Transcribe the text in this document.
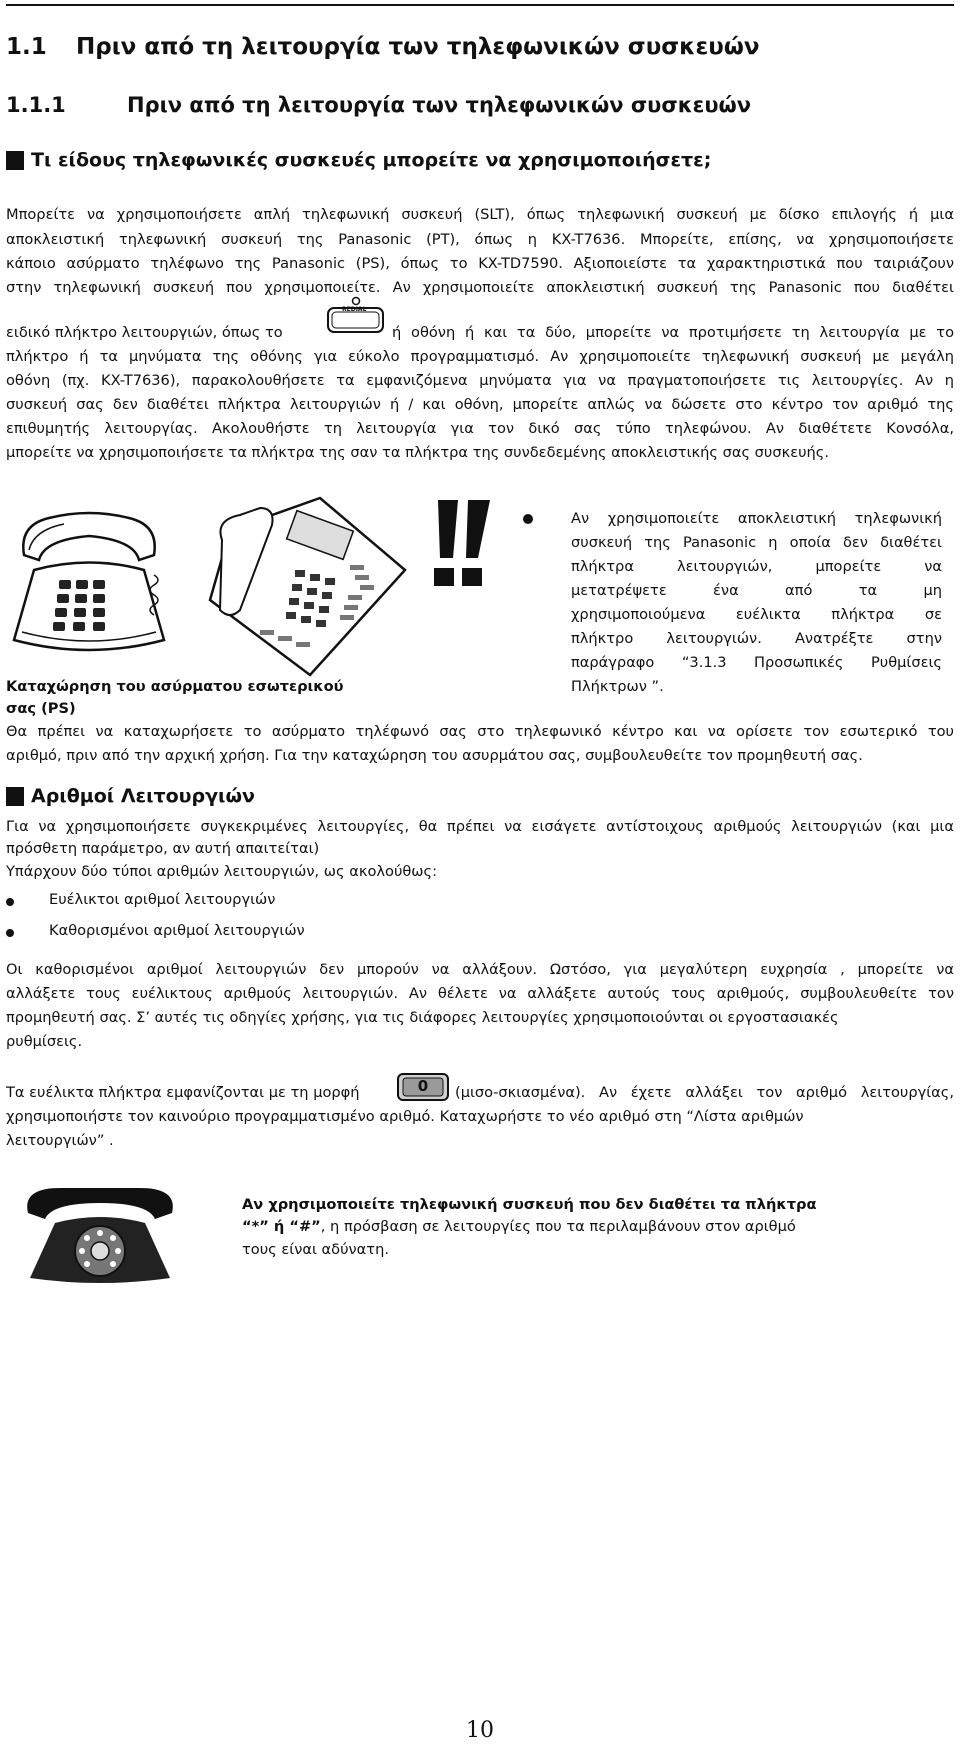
1.1 Πριν από τη λειτουργία των τηλεφωνικών συσκευών
1.1.1	Πριν από τη λειτουργία των τηλεφωνικών συσκευών
Τι είδους τηλεφωνικές συσκευές μπορείτε να χρησιμοποιήσετε;
Μπορείτε να χρησιμοποιήσετε απλή τηλεφωνική συσκευή (SLT), όπως τηλεφωνική συσκευή με δίσκο επιλογής ή μια
αποκλειστική τηλεφωνική συσκευή της Panasonic (PT), όπως η KX-T7636. Μπορείτε, επίσης, να χρησιμοποιήσετε
κάποιο ασύρματο τηλέφωνο της Panasonic (PS), όπως το KX-TD7590. Αξιοποιείστε τα χαρακτηριστικά που ταιριάζουν
στην τηλεφωνική συσκευή που χρησιμοποιείτε. Αν χρησιμοποιείτε αποκλειστική συσκευή της Panasonic που διαθέτει
ειδικό πλήκτρο λειτουργιών, όπως το
REDIAL
ή οθόνη ή και τα δύο, μπορείτε να προτιμήσετε τη λειτουργία με το
πλήκτρο ή τα μηνύματα της οθόνης για εύκολο προγραμματισμό. Αν χρησιμοποιείτε τηλεφωνική συσκευή με μεγάλη
οθόνη (πχ. KX-T7636), παρακολουθήσετε τα εμφανιζόμενα μηνύματα για να πραγματοποιήσετε τις λειτουργίες. Αν η
συσκευή σας δεν διαθέτει πλήκτρα λειτουργιών ή / και οθόνη, μπορείτε απλώς να δώσετε στο κέντρο τον αριθμό της
επιθυμητής λειτουργίας. Ακολουθήστε τη λειτουργία για τον δικό σας τύπο τηλεφώνου. Αν διαθέτετε Κονσόλα,
μπορείτε να χρησιμοποιήσετε τα πλήκτρα της σαν τα πλήκτρα της συνδεδεμένης αποκλειστικής σας συσκευής.
Αν χρησιμοποιείτε αποκλειστική τηλεφωνική
συσκευή της Panasonic η οποία δεν διαθέτει
πλήκτρα λειτουργιών, μπορείτε να
μετατρέψετε ένα από τα μη
χρησιμοποιούμενα ευέλικτα πλήκτρα σε
πλήκτρο λειτουργιών. Ανατρέξτε στην
παράγραφο “3.1.3 Προσωπικές Ρυθμίσεις
Πλήκτρων ”.
Καταχώρηση του ασύρματου εσωτερικού
σας (PS)
Θα πρέπει να καταχωρήσετε το ασύρματο τηλέφωνό σας στο τηλεφωνικό κέντρο και να ορίσετε τον εσωτερικό του
αριθμό, πριν από την αρχική χρήση. Για την καταχώρηση του ασυρμάτου σας, συμβουλευθείτε τον προμηθευτή σας.
Αριθμοί Λειτουργιών
Για να χρησιμοποιήσετε συγκεκριμένες λειτουργίες, θα πρέπει να εισάγετε αντίστοιχους αριθμούς λειτουργιών (και μια
πρόσθετη παράμετρο, αν αυτή απαιτείται)
Υπάρχουν δύο τύποι αριθμών λειτουργιών, ως ακολούθως:
Ευέλικτοι αριθμοί λειτουργιών
Καθορισμένοι αριθμοί λειτουργιών
Οι καθορισμένοι αριθμοί λειτουργιών δεν μπορούν να αλλάξουν. Ωστόσο, για μεγαλύτερη ευχρησία , μπορείτε να
αλλάξετε τους ευέλικτους αριθμούς λειτουργιών. Αν θέλετε να αλλάξετε αυτούς τους αριθμούς, συμβουλευθείτε τον
προμηθευτή σας. Σ’ αυτές τις οδηγίες χρήσης, για τις διάφορες λειτουργίες χρησιμοποιούνται οι εργοστασιακές
ρυθμίσεις.
Τα ευέλικτα πλήκτρα εμφανίζονται με τη μορφή	0	(μισο-σκιασμένα). Αν έχετε αλλάξει τον αριθμό λειτουργίας,
χρησιμοποιήστε τον καινούριο προγραμματισμένο αριθμό. Καταχωρήστε το νέο αριθμό στη “Λίστα αριθμών
λειτουργιών” .
Αν χρησιμοποιείτε τηλεφωνική συσκευή που δεν διαθέτει τα πλήκτρα
“*” ή “#”, η πρόσβαση σε λειτουργίες που τα περιλαμβάνουν στον αριθμό
τους είναι αδύνατη.
10
